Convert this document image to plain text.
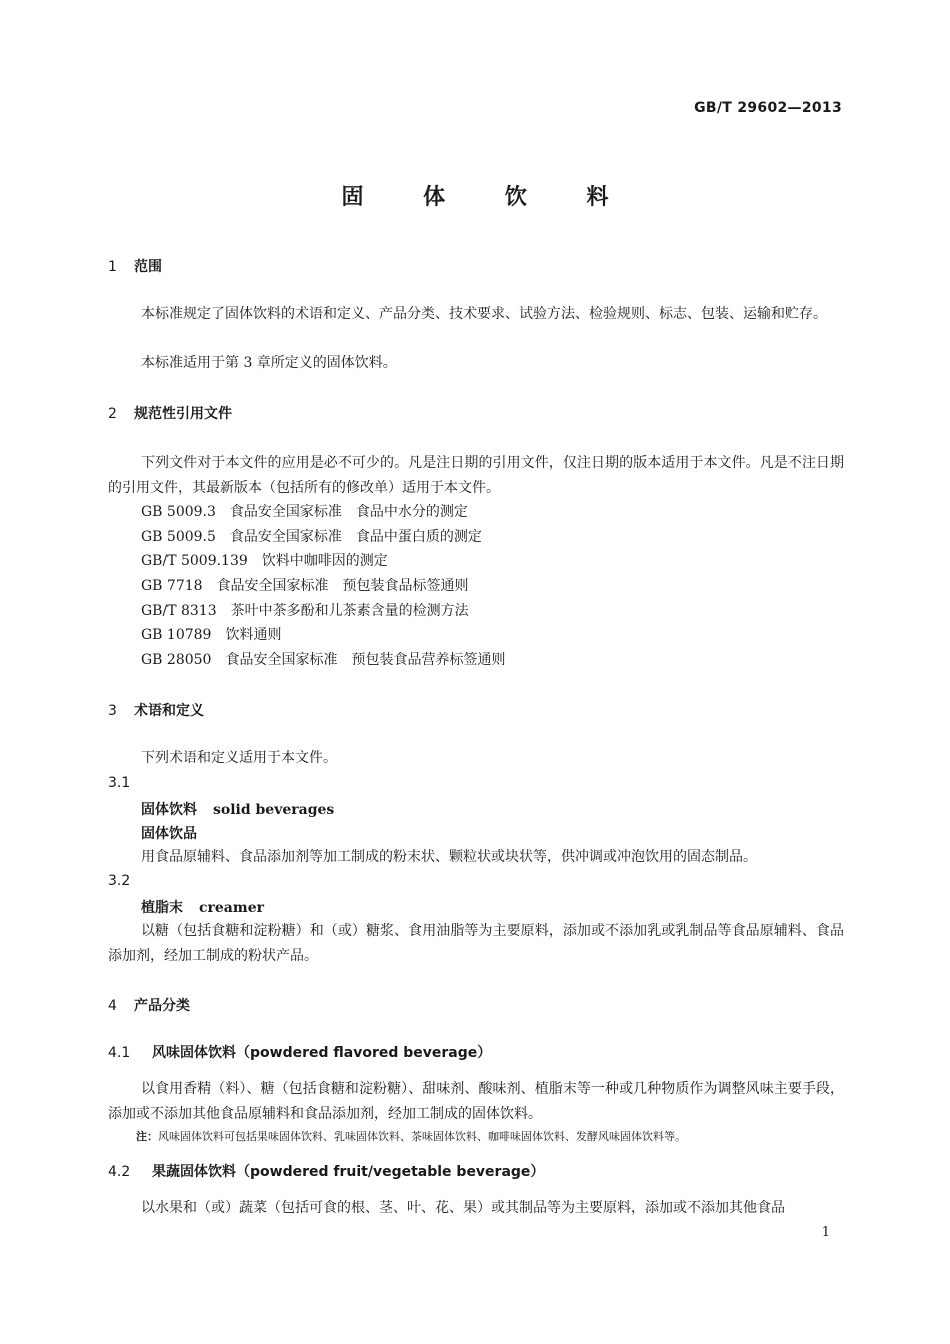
GB/T 29602—2013
固 体 饮 料
1 范围
本标准规定了固体饮料的术语和定义、产品分类、技术要求、试验方法、检验规则、标志、包装、运输和贮存。
本标准适用于第 3 章所定义的固体饮料。
2 规范性引用文件
下列文件对于本文件的应用是必不可少的。凡是注日期的引用文件，仅注日期的版本适用于本文件。凡是不注日期的引用文件，其最新版本（包括所有的修改单）适用于本文件。
GB 5009.3 食品安全国家标准　食品中水分的测定
GB 5009.5 食品安全国家标准　食品中蛋白质的测定
GB/T 5009.139 饮料中咖啡因的测定
GB 7718 食品安全国家标准　预包装食品标签通则
GB/T 8313 茶叶中茶多酚和儿茶素含量的检测方法
GB 10789 饮料通则
GB 28050 食品安全国家标准　预包装食品营养标签通则
3 术语和定义
下列术语和定义适用于本文件。
3.1
固体饮料 solid beverages
固体饮品
用食品原辅料、食品添加剂等加工制成的粉末状、颗粒状或块状等，供冲调或冲泡饮用的固态制品。
3.2
植脂末 creamer
以糖（包括食糖和淀粉糖）和（或）糖浆、食用油脂等为主要原料，添加或不添加乳或乳制品等食品原辅料、食品添加剂，经加工制成的粉状产品。
4 产品分类
4.1 风味固体饮料（powdered flavored beverage）
以食用香精（料）、糖（包括食糖和淀粉糖）、甜味剂、酸味剂、植脂末等一种或几种物质作为调整风味主要手段，添加或不添加其他食品原辅料和食品添加剂，经加工制成的固体饮料。
注：风味固体饮料可包括果味固体饮料、乳味固体饮料、茶味固体饮料、咖啡味固体饮料、发酵风味固体饮料等。
4.2 果蔬固体饮料（powdered fruit/vegetable beverage）
以水果和（或）蔬菜（包括可食的根、茎、叶、花、果）或其制品等为主要原料，添加或不添加其他食品
1
